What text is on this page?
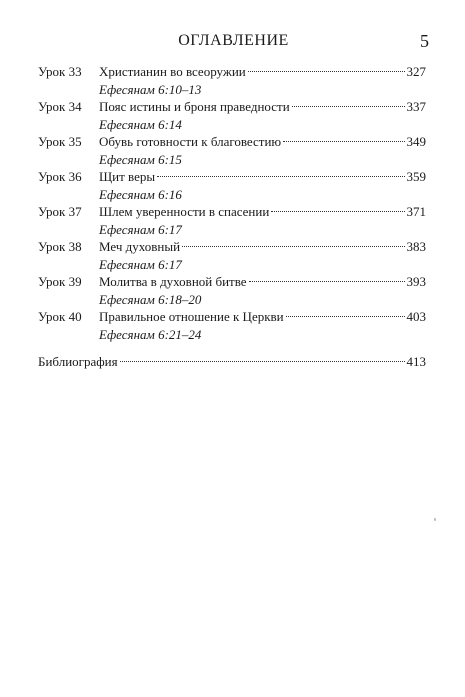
ОГЛАВЛЕНИЕ	5
Урок 33	Христианин во всеоружии	327
Ефесянам 6:10–13
Урок 34	Пояс истины и броня праведности	337
Ефесянам 6:14
Урок 35	Обувь готовности к благовестию	349
Ефесянам 6:15
Урок 36	Щит веры	359
Ефесянам 6:16
Урок 37	Шлем уверенности в спасении	371
Ефесянам 6:17
Урок 38	Меч духовный	383
Ефесянам 6:17
Урок 39	Молитва в духовной битве	393
Ефесянам 6:18–20
Урок 40	Правильное отношение к Церкви	403
Ефесянам 6:21–24
Библиография	413
